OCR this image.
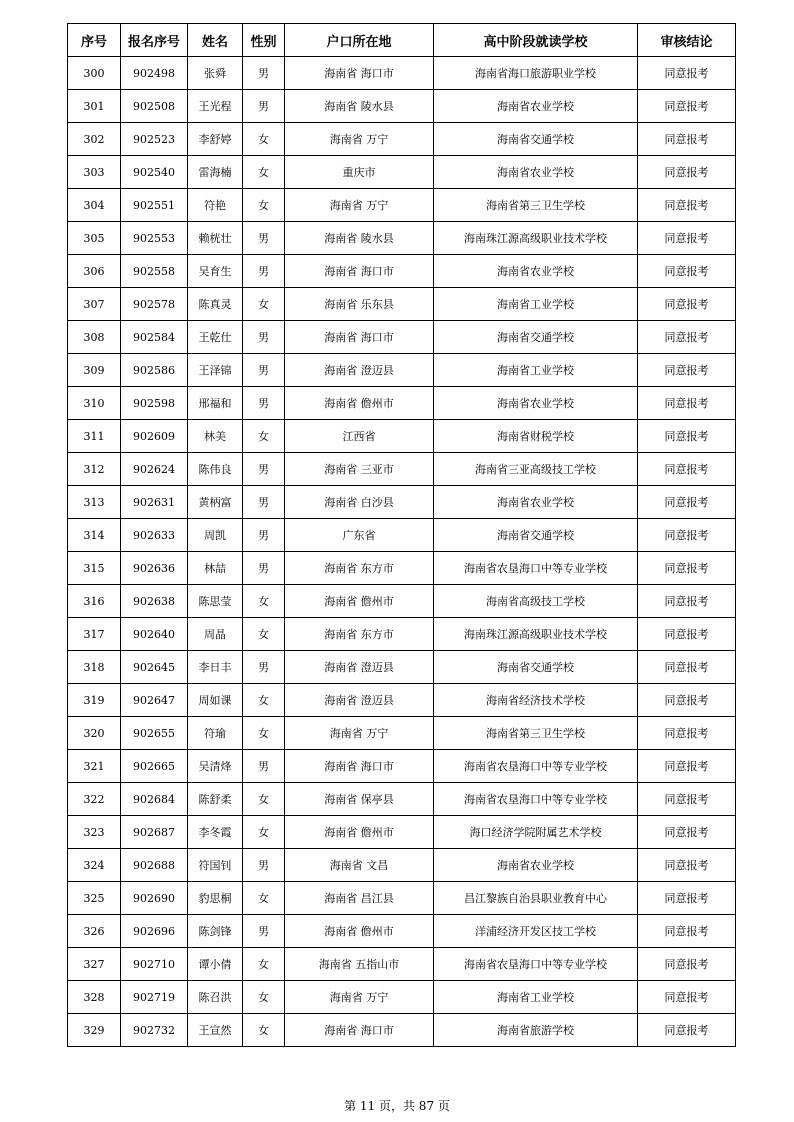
序号	报名序号	姓名	性别	户口所在地	高中阶段就读学校	审核结论
300	902498	张舜	男	海南省 海口市	海南省海口旅游职业学校	同意报考
301	902508	王光程	男	海南省 陵水县	海南省农业学校	同意报考
302	902523	李舒婷	女	海南省 万宁	海南省交通学校	同意报考
303	902540	雷海楠	女	重庆市	海南省农业学校	同意报考
304	902551	符艳	女	海南省 万宁	海南省第三卫生学校	同意报考
305	902553	赖桄壮	男	海南省 陵水县	海南珠江源高级职业技术学校	同意报考
306	902558	吴育生	男	海南省 海口市	海南省农业学校	同意报考
307	902578	陈真灵	女	海南省 乐东县	海南省工业学校	同意报考
308	902584	王乾仕	男	海南省 海口市	海南省交通学校	同意报考
309	902586	王泽锦	男	海南省 澄迈县	海南省工业学校	同意报考
310	902598	邢福和	男	海南省 儋州市	海南省农业学校	同意报考
311	902609	林美	女	江西省	海南省财税学校	同意报考
312	902624	陈伟良	男	海南省 三亚市	海南省三亚高级技工学校	同意报考
313	902631	黄柄富	男	海南省 白沙县	海南省农业学校	同意报考
314	902633	周凯	男	广东省	海南省交通学校	同意报考
315	902636	林喆	男	海南省 东方市	海南省农垦海口中等专业学校	同意报考
316	902638	陈思莹	女	海南省 儋州市	海南省高级技工学校	同意报考
317	902640	周晶	女	海南省 东方市	海南珠江源高级职业技术学校	同意报考
318	902645	李日丰	男	海南省 澄迈县	海南省交通学校	同意报考
319	902647	周如课	女	海南省 澄迈县	海南省经济技术学校	同意报考
320	902655	符瑜	女	海南省 万宁	海南省第三卫生学校	同意报考
321	902665	吴清烽	男	海南省 海口市	海南省农垦海口中等专业学校	同意报考
322	902684	陈舒柔	女	海南省 保亭县	海南省农垦海口中等专业学校	同意报考
323	902687	李冬霞	女	海南省 儋州市	海口经济学院附属艺术学校	同意报考
324	902688	符国钊	男	海南省 文昌	海南省农业学校	同意报考
325	902690	豹思桐	女	海南省 昌江县	昌江黎族自治县职业教育中心	同意报考
326	902696	陈剑锋	男	海南省 儋州市	洋浦经济开发区技工学校	同意报考
327	902710	谭小倩	女	海南省 五指山市	海南省农垦海口中等专业学校	同意报考
328	902719	陈召洪	女	海南省 万宁	海南省工业学校	同意报考
329	902732	王宣然	女	海南省 海口市	海南省旅游学校	同意报考
第 11 页，共 87 页
